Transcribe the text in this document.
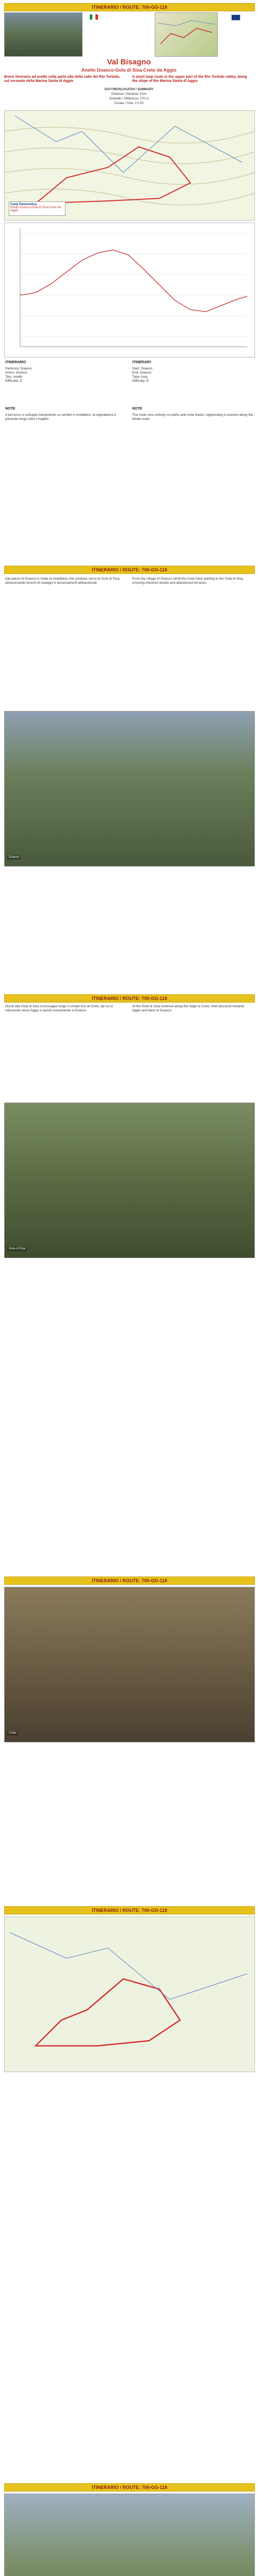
ITINERARIO / ROUTE: 700-GG-118
Val Bisagno
Anello Doasco-Gola di Sisa-Creto da Aggio
Breve itinerario ad anello nella parte alta della valle del Rio Torbido, sul versante della Marina Santa di Aggio
A short loop route in the upper part of the Rio Torbido valley, along the slope of the Marina Santa di Aggio
DATI RIEPILOGATIVI / SUMMARY
Distanza / Distance: 4 km
Dislivello / Difference: 270 m
Durata / Time: 2 h 00
Carta Panoramica
Anello Doasco-Gola di Sisa-Creto da Aggio
ITINERARIO	ITINERARY
Partenza: Doasco
Arrivo: Doasco
Tipo: anello
Difficoltà: E
Start: Doasco
End: Doasco
Type: loop
Difficulty: E
NOTE	NOTE
Il percorso si sviluppa interamente su sentieri e mulattiere; la segnaletica è presente lungo tutto il tragitto.
The route runs entirely on paths and mule tracks; signposting is present along the whole route.
ITINERARIO / ROUTE: 700-GG-118
Dal paese di Doasco si risale la mulattiera che conduce verso la Gola di Sisa, attraversando boschi di castagni e terrazzamenti abbandonati.
From the village of Doasco climb the mule track leading to the Gola di Sisa, crossing chestnut woods and abandoned terraces.
Doasco
ITINERARIO / ROUTE: 700-GG-118
Giunti alla Gola di Sisa si prosegue lungo il crinale fino al Creto, da cui si ridiscende verso Aggio e quindi nuovamente a Doasco.
At the Gola di Sisa continue along the ridge to Creto, then descend towards Aggio and back to Doasco.
Gola di Sisa
ITINERARIO / ROUTE: 700-GG-118
Creto
ITINERARIO / ROUTE: 700-GG-118
ITINERARIO / ROUTE: 700-GG-118
